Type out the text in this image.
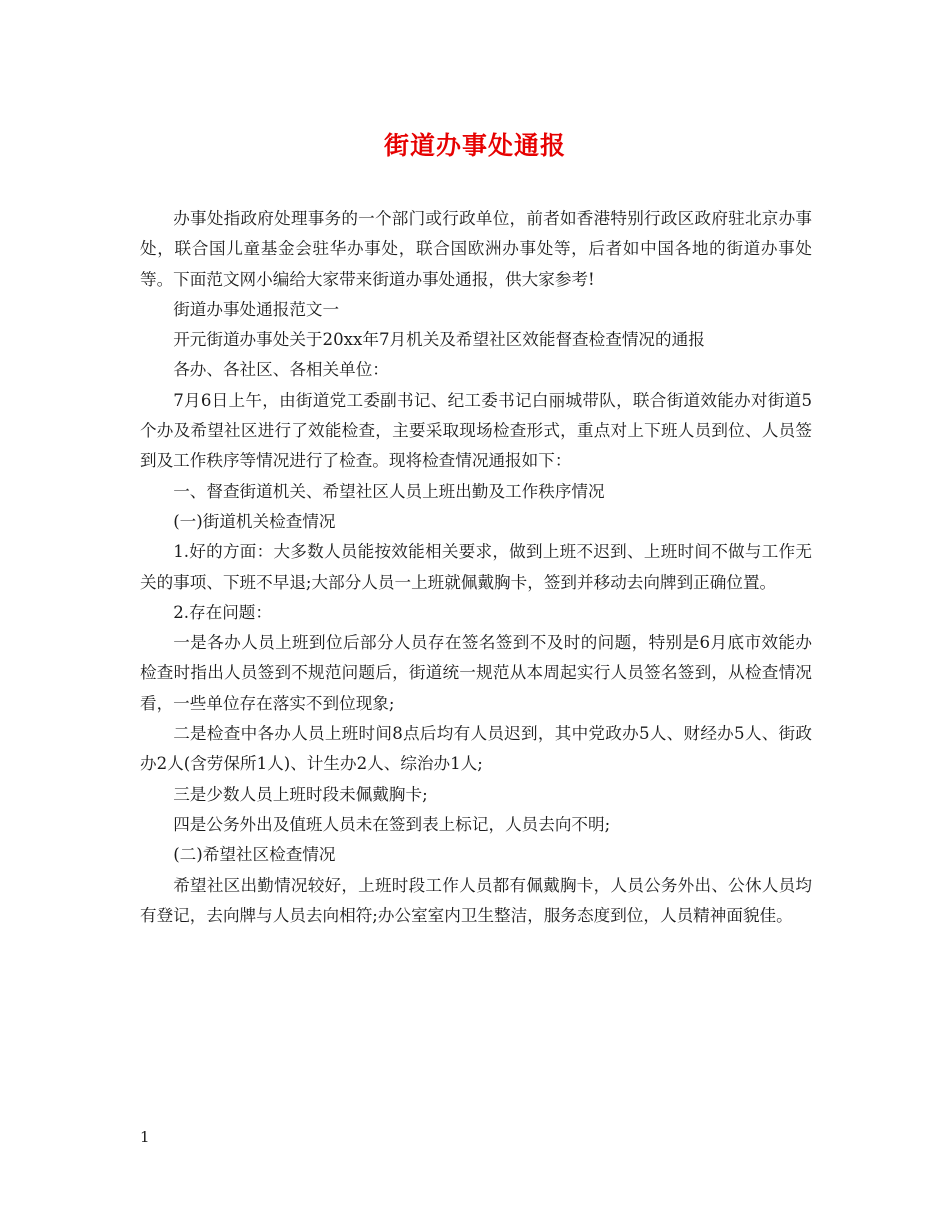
街道办事处通报

办事处指政府处理事务的一个部门或行政单位，前者如香港特别行政区政府驻北京办事处，联合国儿童基金会驻华办事处，联合国欧洲办事处等，后者如中国各地的街道办事处等。下面范文网小编给大家带来街道办事处通报，供大家参考!

街道办事处通报范文一

开元街道办事处关于20xx年7月机关及希望社区效能督查检查情况的通报

各办、各社区、各相关单位：

7月6日上午，由街道党工委副书记、纪工委书记白丽城带队，联合街道效能办对街道5个办及希望社区进行了效能检查，主要采取现场检查形式，重点对上下班人员到位、人员签到及工作秩序等情况进行了检查。现将检查情况通报如下：

一、督查街道机关、希望社区人员上班出勤及工作秩序情况

(一)街道机关检查情况

1.好的方面：大多数人员能按效能相关要求，做到上班不迟到、上班时间不做与工作无关的事项、下班不早退;大部分人员一上班就佩戴胸卡，签到并移动去向牌到正确位置。

2.存在问题：

一是各办人员上班到位后部分人员存在签名签到不及时的问题，特别是6月底市效能办检查时指出人员签到不规范问题后，街道统一规范从本周起实行人员签名签到，从检查情况看，一些单位存在落实不到位现象;

二是检查中各办人员上班时间8点后均有人员迟到，其中党政办5人、财经办5人、街政办2人(含劳保所1人)、计生办2人、综治办1人;

三是少数人员上班时段未佩戴胸卡;

四是公务外出及值班人员未在签到表上标记，人员去向不明;

(二)希望社区检查情况

希望社区出勤情况较好，上班时段工作人员都有佩戴胸卡，人员公务外出、公休人员均有登记，去向牌与人员去向相符;办公室室内卫生整洁，服务态度到位，人员精神面貌佳。

1
